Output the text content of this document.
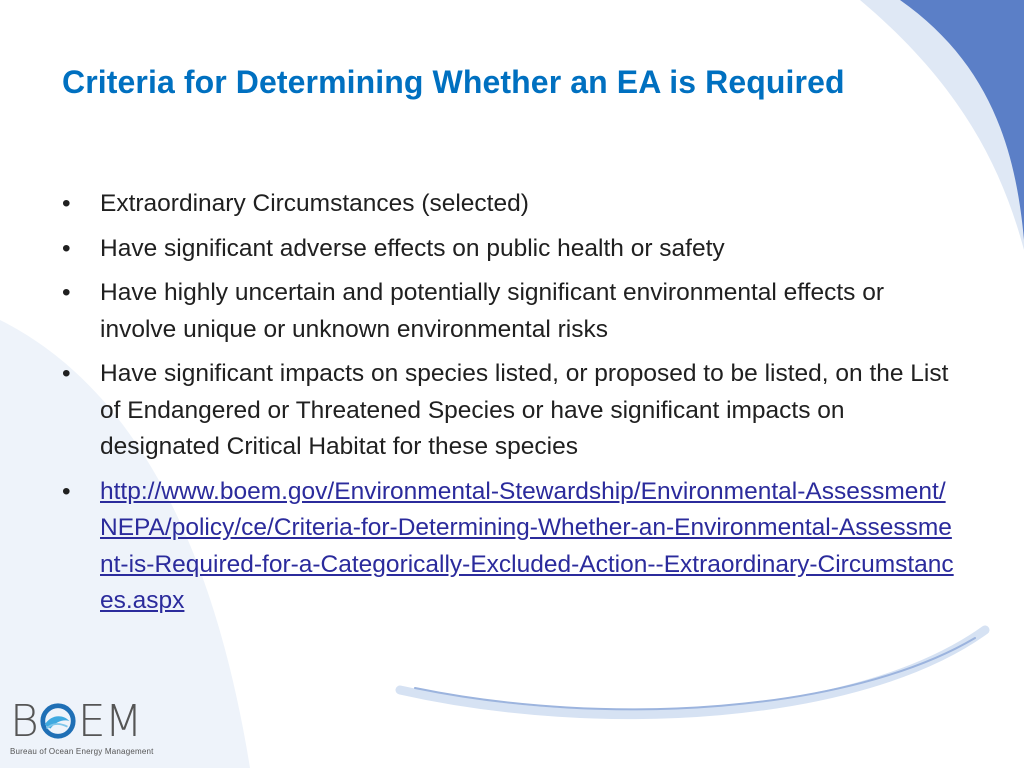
Criteria for Determining Whether an EA is Required
• Extraordinary Circumstances (selected)
• Have significant adverse effects on public health or safety
• Have highly uncertain and potentially significant environmental effects or involve unique or unknown environmental risks
• Have significant impacts on species listed, or proposed to be listed, on the List of Endangered or Threatened Species or have significant impacts on designated Critical Habitat for these species
• http://www.boem.gov/Environmental-Stewardship/Environmental-Assessment/NEPA/policy/ce/Criteria-for-Determining-Whether-an-Environmental-Assessment-is-Required-for-a-Categorically-Excluded-Action--Extraordinary-Circumstances.aspx
B EM
Bureau of Ocean Energy Management
